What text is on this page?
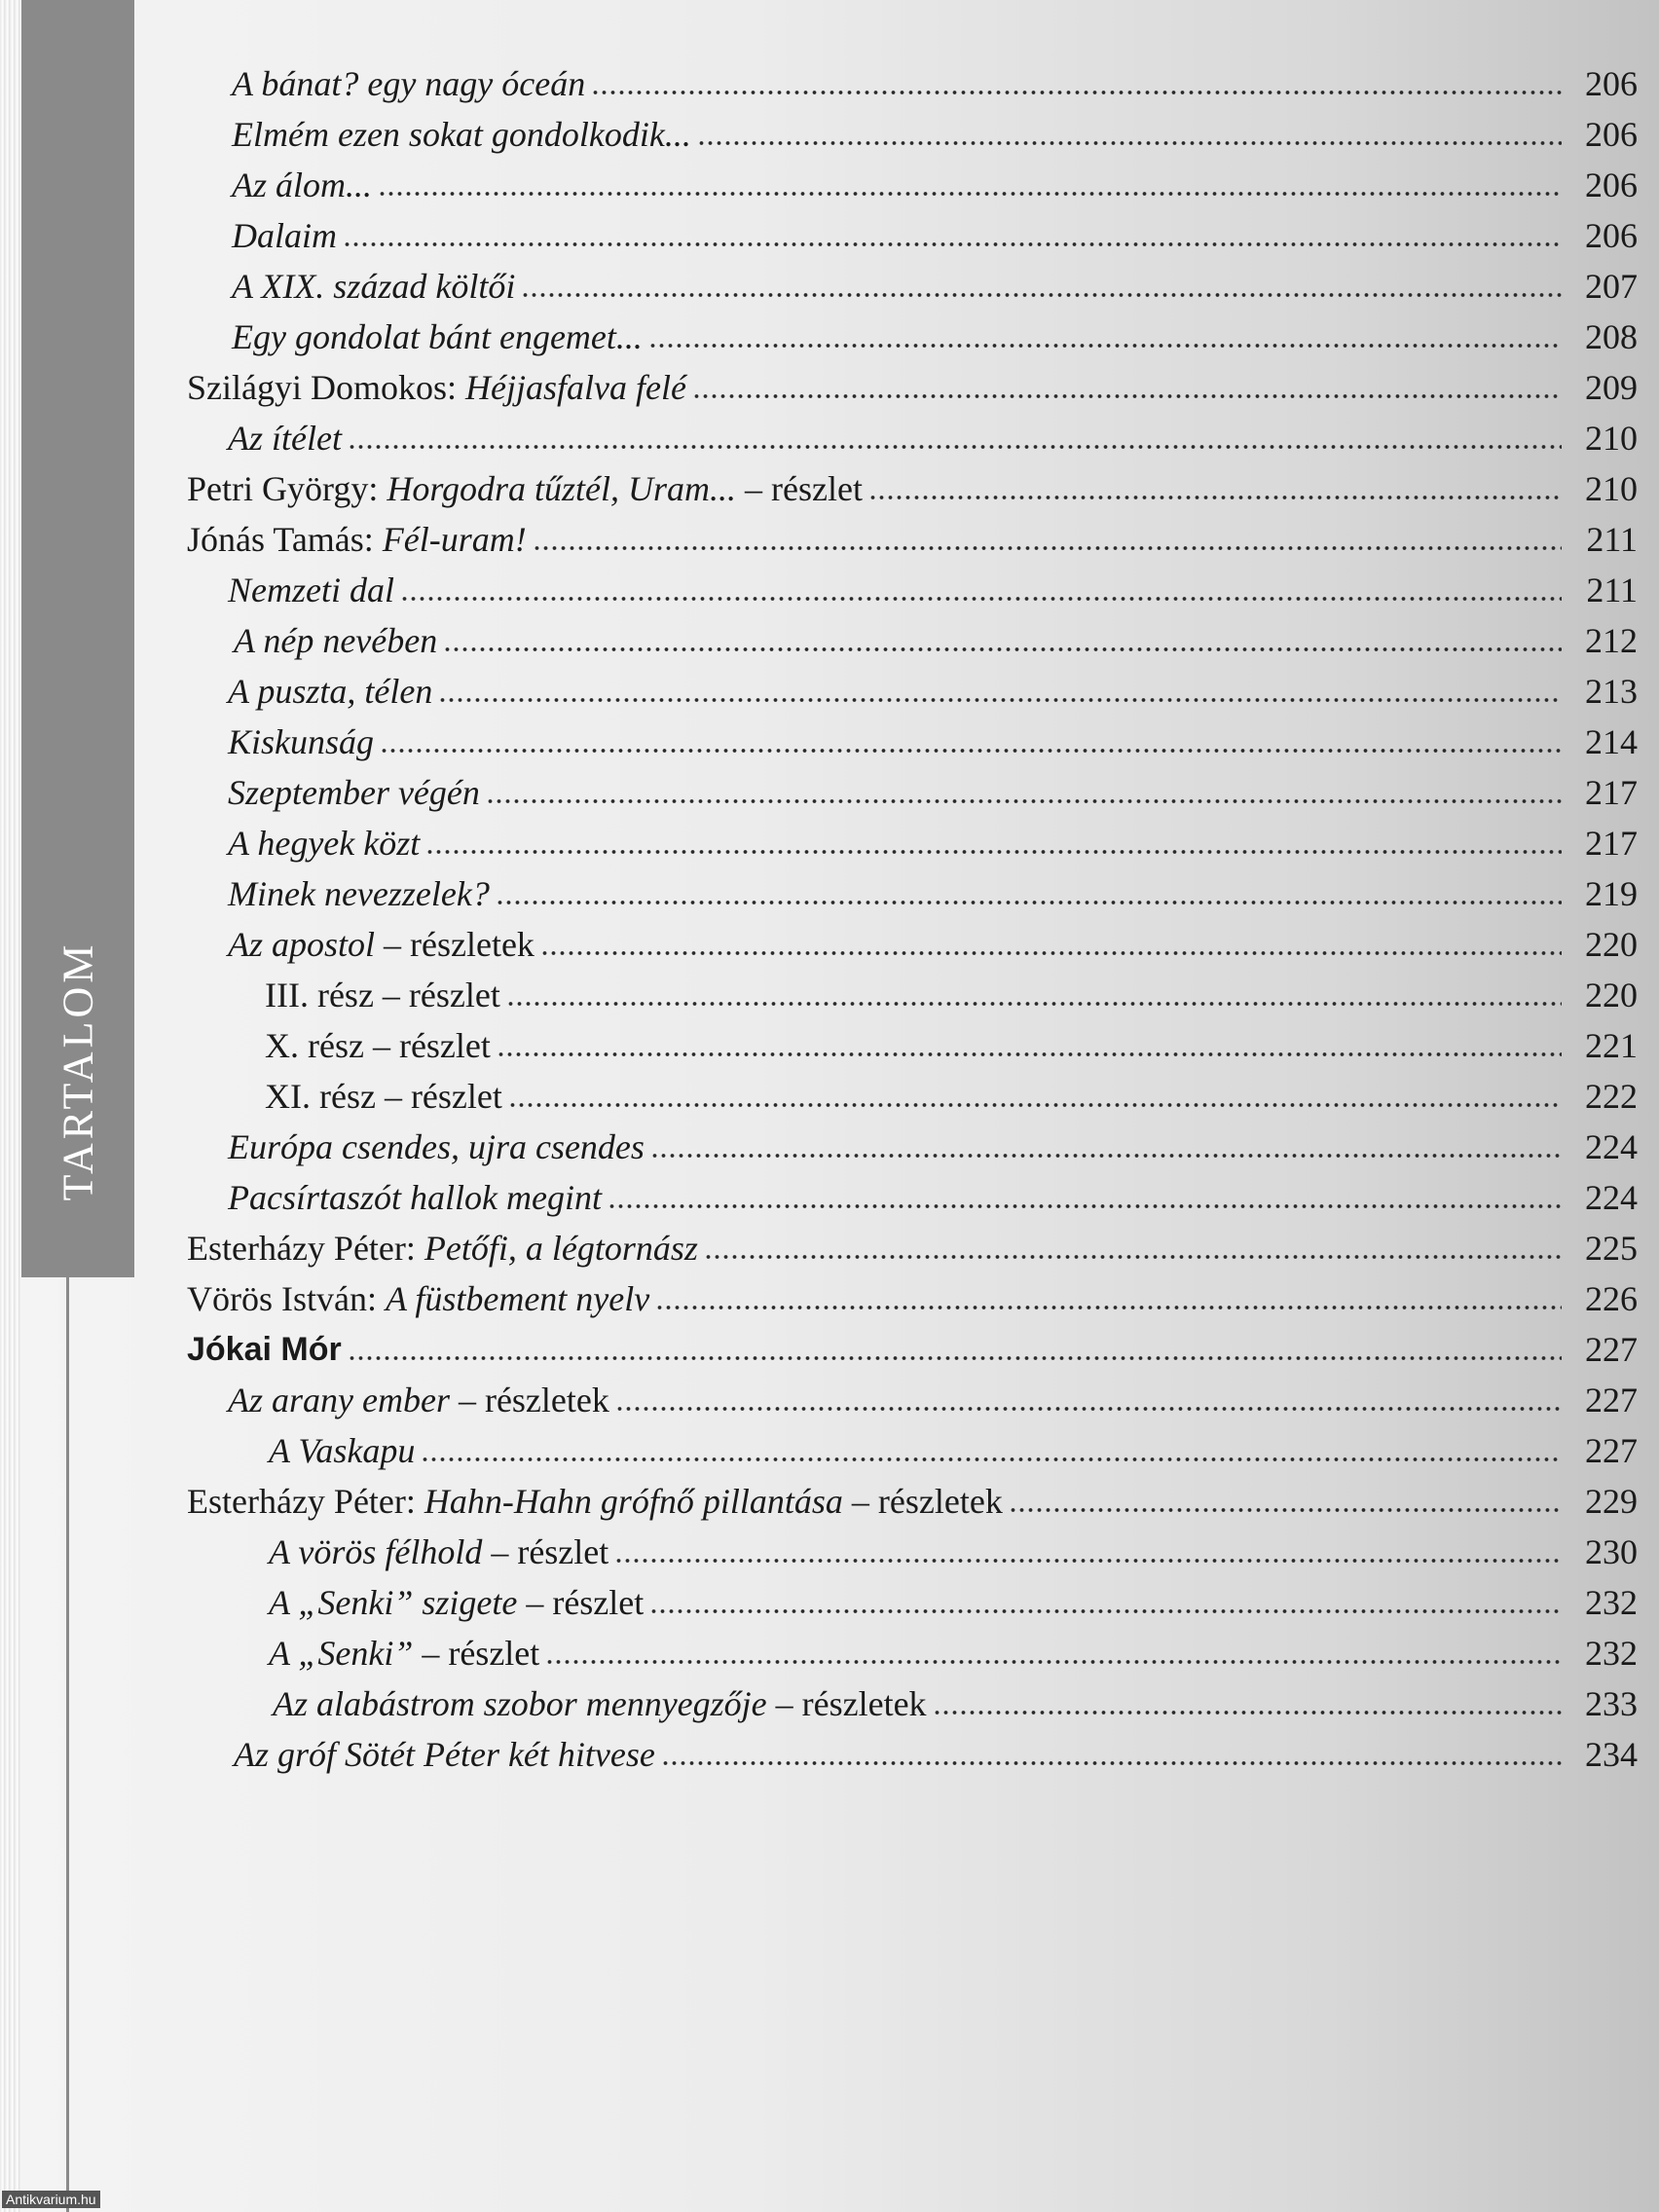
TARTALOM
A bánat? egy nagy óceán	206
Elmém ezen sokat gondolkodik...	206
Az álom...	206
Dalaim	206
A XIX. század költői	207
Egy gondolat bánt engemet...	208
Szilágyi Domokos: Héjjasfalva felé	209
Az ítélet	210
Petri György: Horgodra tűztél, Uram... – részlet	210
Jónás Tamás: Fél-uram!	211
Nemzeti dal	211
A nép nevében	212
A puszta, télen	213
Kiskunság	214
Szeptember végén	217
A hegyek közt	217
Minek nevezzelek?	219
Az apostol – részletek	220
III. rész – részlet	220
X. rész – részlet	221
XI. rész – részlet	222
Európa csendes, ujra csendes	224
Pacsírtaszót hallok megint	224
Esterházy Péter: Petőfi, a légtornász	225
Vörös István: A füstbement nyelv	226
Jókai Mór	227
Az arany ember – részletek	227
A Vaskapu	227
Esterházy Péter: Hahn-Hahn grófnő pillantása – részletek	229
A vörös félhold – részlet	230
A „Senki” szigete – részlet	232
A „Senki” – részlet	232
Az alabástrom szobor mennyegzője – részletek	233
Az gróf Sötét Péter két hitvese	234
Antikvarium.hu
